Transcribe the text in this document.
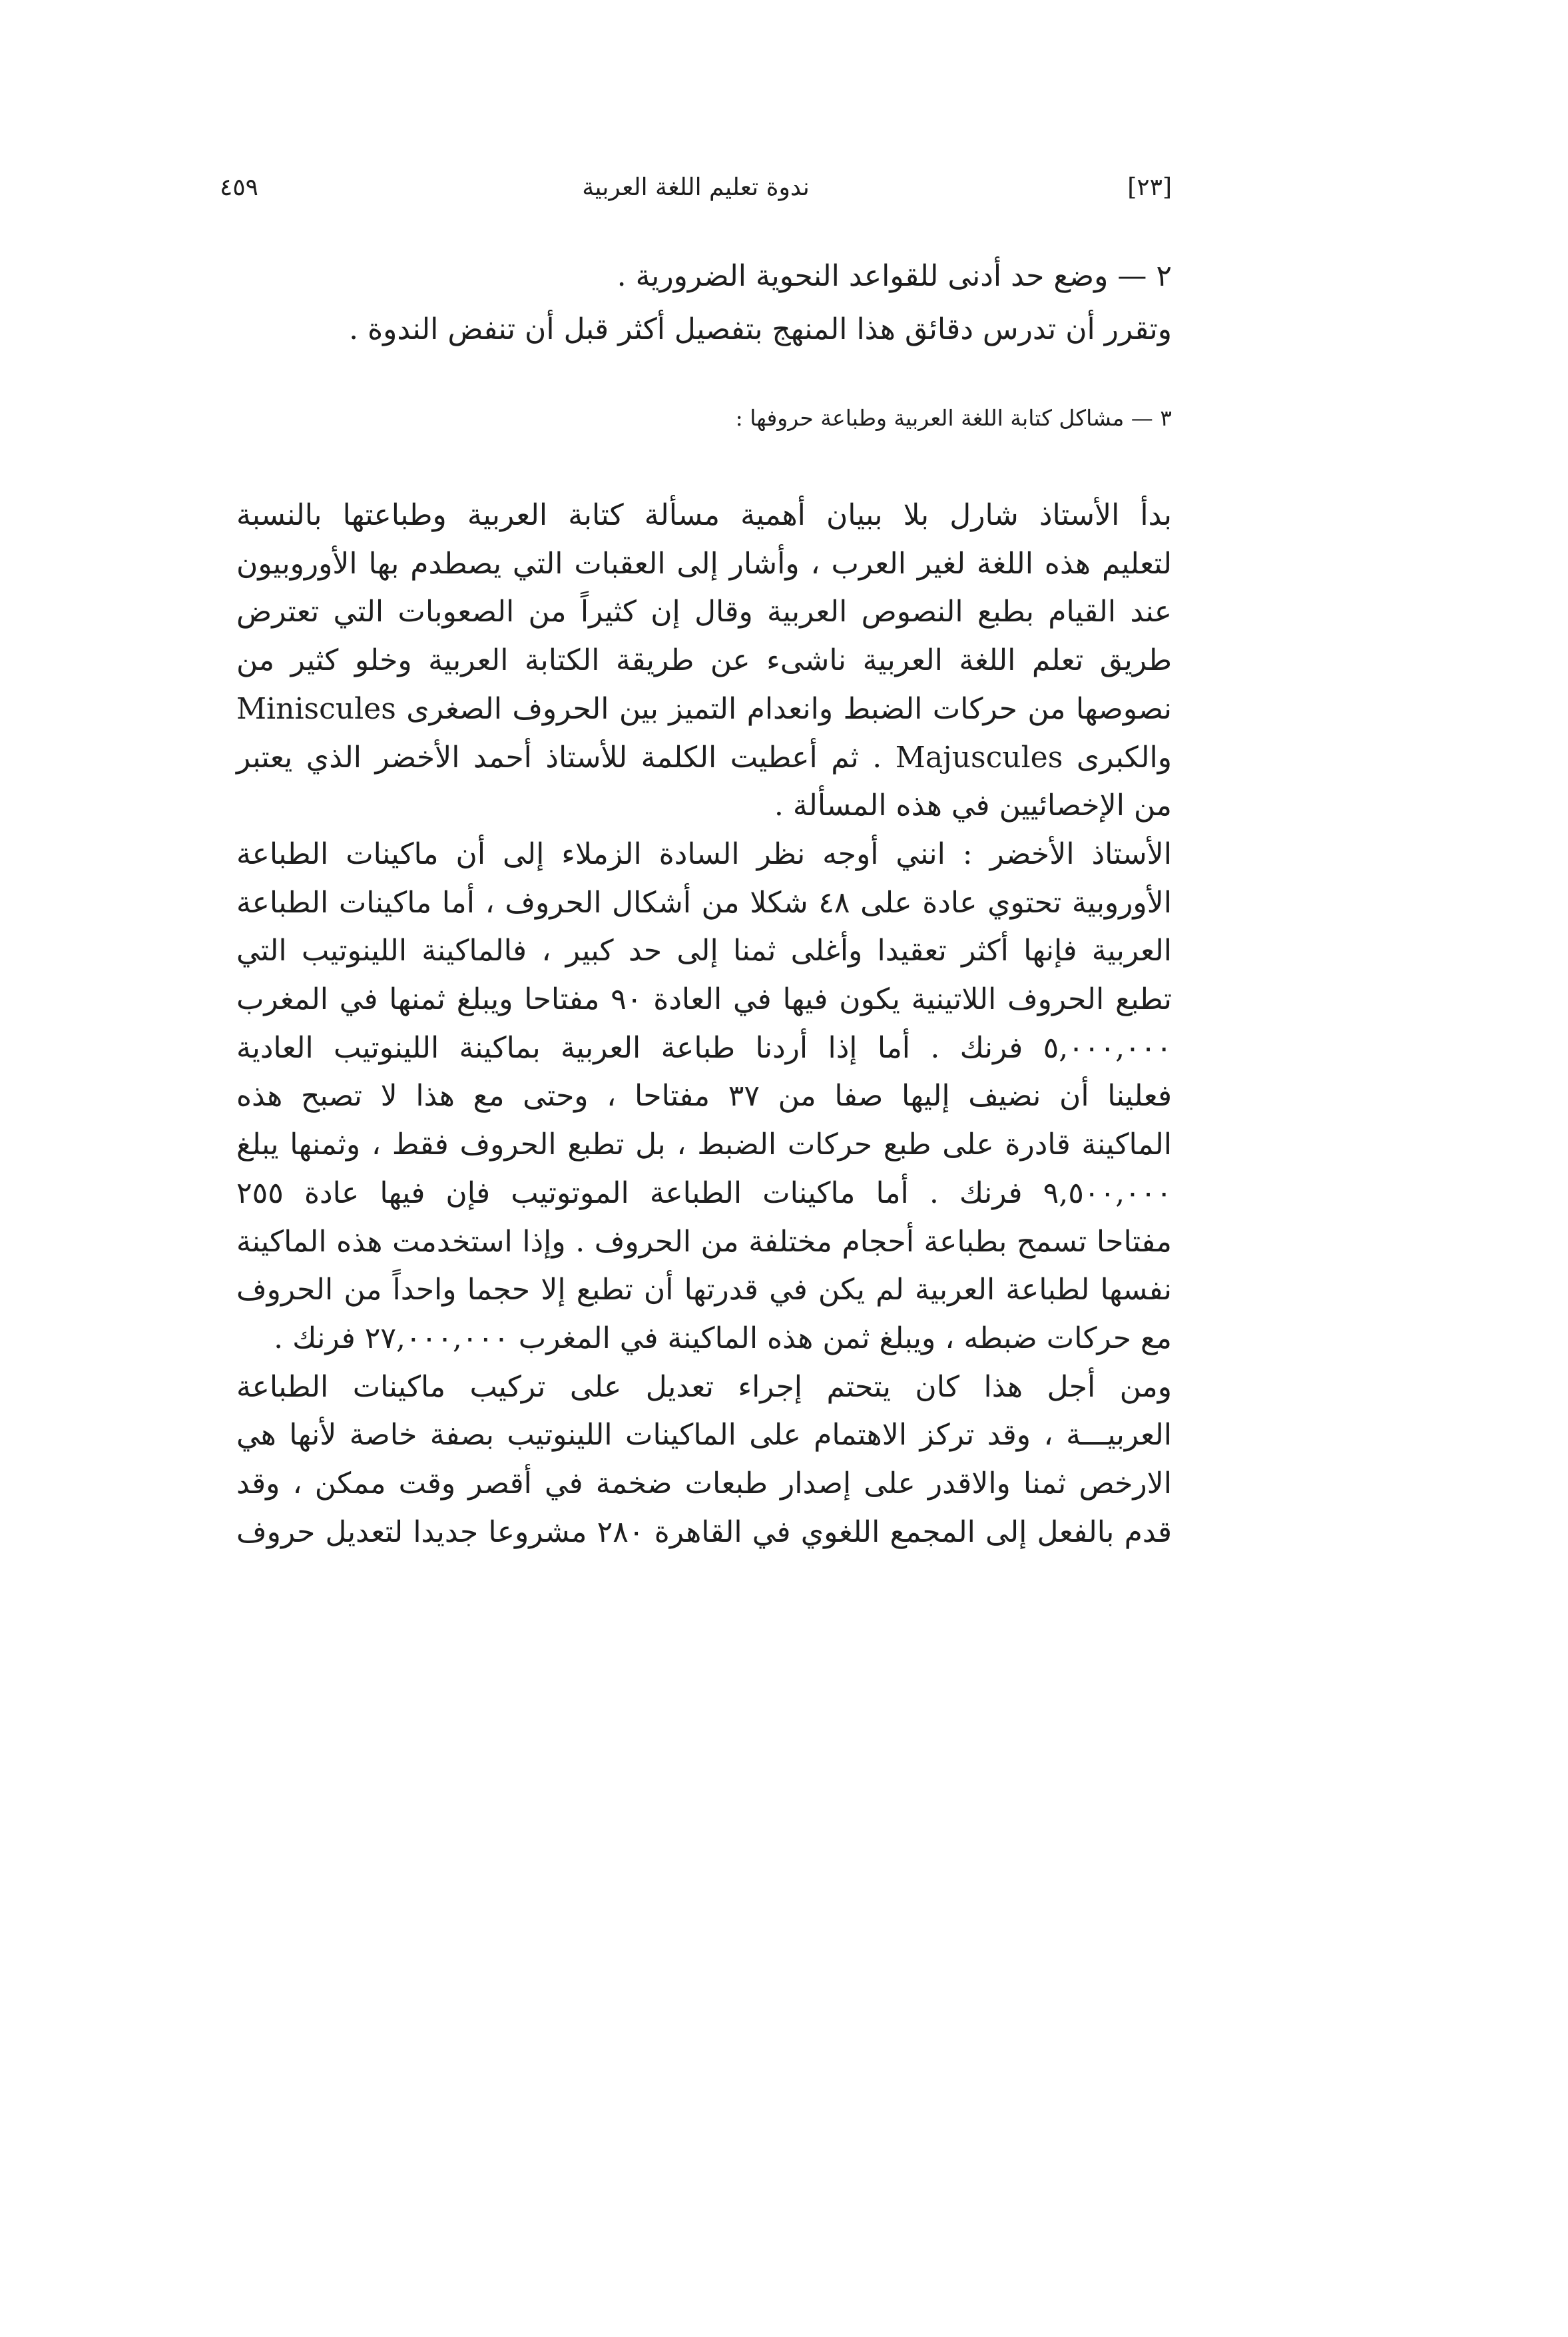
٤٥٩	ندوة تعليم اللغة العربية	[٢٣]
٢ — وضع حد أدنى للقواعد النحوية الضرورية .
وتقرر أن تدرس دقائق هذا المنهج بتفصيل أكثر قبل أن تنفض الندوة .
٣ — مشاكل كتابة اللغة العربية وطباعة حروفها :
بدأ الأستاذ شارل بلا ببيان أهمية مسألة كتابة العربية وطباعتها بالنسبة
لتعليم هذه اللغة لغير العرب ، وأشار إلى العقبات التي يصطدم بها الأوروبيون
عند القيام بطبع النصوص العربية وقال إن كثيراً من الصعوبات التي تعترض
طريق تعلم اللغة العربية ناشىء عن طريقة الكتابة العربية وخلو كثير من
نصوصها من حركات الضبط وانعدام التميز بين الحروف الصغرى Miniscules
والكبرى Majuscules . ثم أعطيت الكلمة للأستاذ أحمد الأخضر الذي يعتبر
من الإخصائيين في هذه المسألة .
الأستاذ الأخضر : انني أوجه نظر السادة الزملاء إلى أن ماكينات الطباعة
الأوروبية تحتوي عادة على ٤٨ شكلا من أشكال الحروف ، أما ماكينات الطباعة
العربية فإنها أكثر تعقيدا وأغلى ثمنا إلى حد كبير ، فالماكينة اللينوتيب التي
تطبع الحروف اللاتينية يكون فيها في العادة ٩٠ مفتاحا ويبلغ ثمنها في المغرب
٥,٠٠٠,٠٠٠ فرنك . أما إذا أردنا طباعة العربية بماكينة اللينوتيب العادية
فعلينا أن نضيف إليها صفا من ٣٧ مفتاحا ، وحتى مع هذا لا تصبح هذه
الماكينة قادرة على طبع حركات الضبط ، بل تطبع الحروف فقط ، وثمنها يبلغ
٩,٥٠٠,٠٠٠ فرنك . أما ماكينات الطباعة الموتوتيب فإن فيها عادة ٢٥٥
مفتاحا تسمح بطباعة أحجام مختلفة من الحروف . وإذا استخدمت هذه الماكينة
نفسها لطباعة العربية لم يكن في قدرتها أن تطبع إلا حجما واحداً من الحروف
مع حركات ضبطه ، ويبلغ ثمن هذه الماكينة في المغرب ٢٧,٠٠٠,٠٠٠ فرنك .
ومن أجل هذا كان يتحتم إجراء تعديل على تركيب ماكينات الطباعة
العربيـــة ، وقد تركز الاهتمام على الماكينات اللينوتيب بصفة خاصة لأنها هي
الارخص ثمنا والاقدر على إصدار طبعات ضخمة في أقصر وقت ممكن ، وقد
قدم بالفعل إلى المجمع اللغوي في القاهرة ٢٨٠ مشروعا جديدا لتعديل حروف
